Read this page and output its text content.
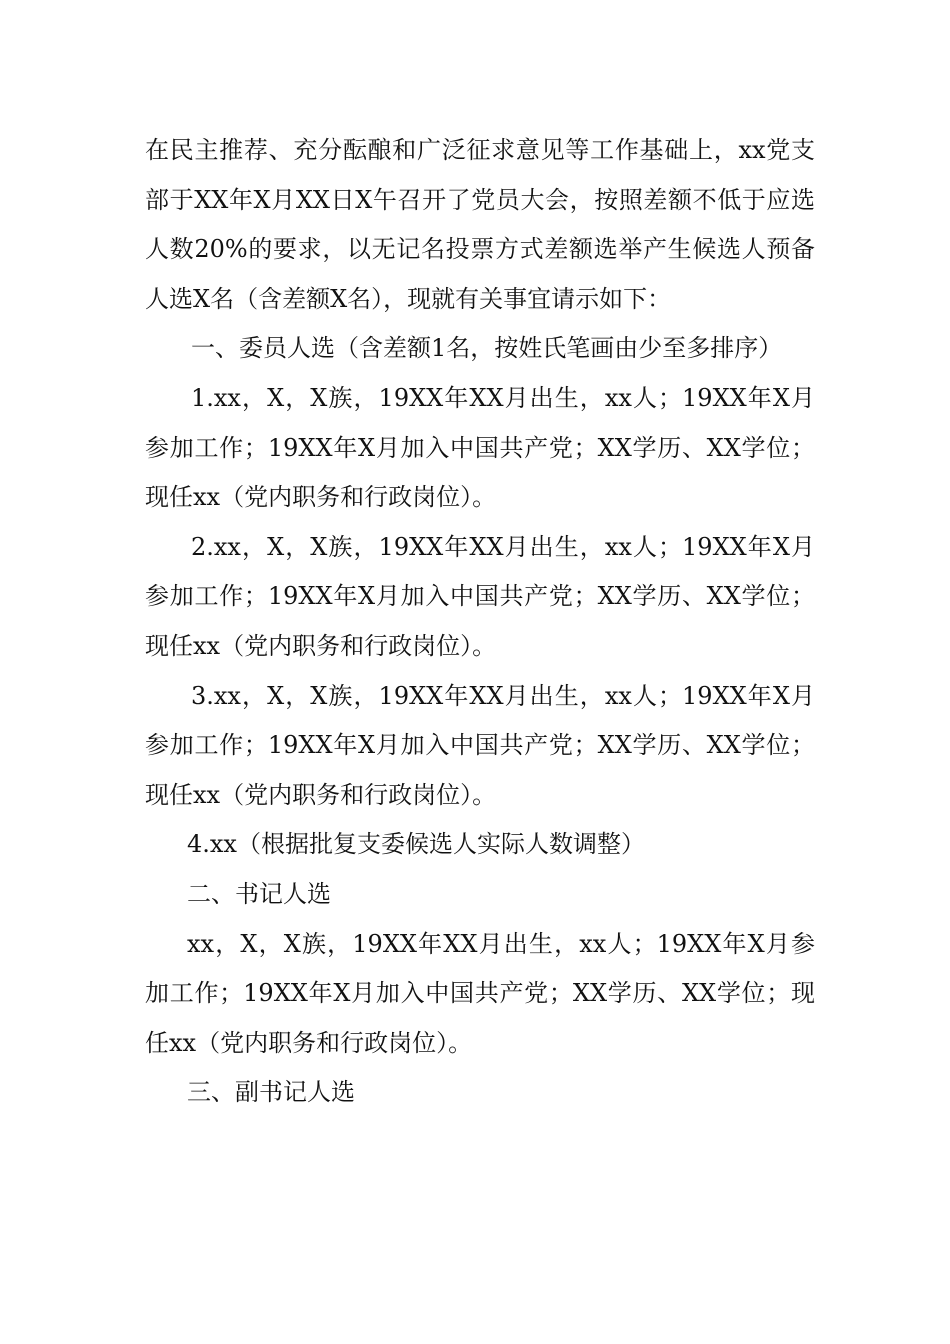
在民主推荐、充分酝酿和广泛征求意见等工作基础上，xx党支部于XX年X月XX日X午召开了党员大会，按照差额不低于应选人数20%的要求，以无记名投票方式差额选举产生候选人预备人选X名（含差额X名），现就有关事宜请示如下：

一、委员人选（含差额1名，按姓氏笔画由少至多排序）

1.xx，X，X族，19XX年XX月出生，xx人；19XX年X月参加工作；19XX年X月加入中国共产党；XX学历、XX学位；现任xx（党内职务和行政岗位）。

2.xx，X，X族，19XX年XX月出生，xx人；19XX年X月参加工作；19XX年X月加入中国共产党；XX学历、XX学位；现任xx（党内职务和行政岗位）。

3.xx，X，X族，19XX年XX月出生，xx人；19XX年X月参加工作；19XX年X月加入中国共产党；XX学历、XX学位；现任xx（党内职务和行政岗位）。

4.xx（根据批复支委候选人实际人数调整）

二、书记人选

xx，X，X族，19XX年XX月出生，xx人；19XX年X月参加工作；19XX年X月加入中国共产党；XX学历、XX学位；现任xx（党内职务和行政岗位）。

三、副书记人选
